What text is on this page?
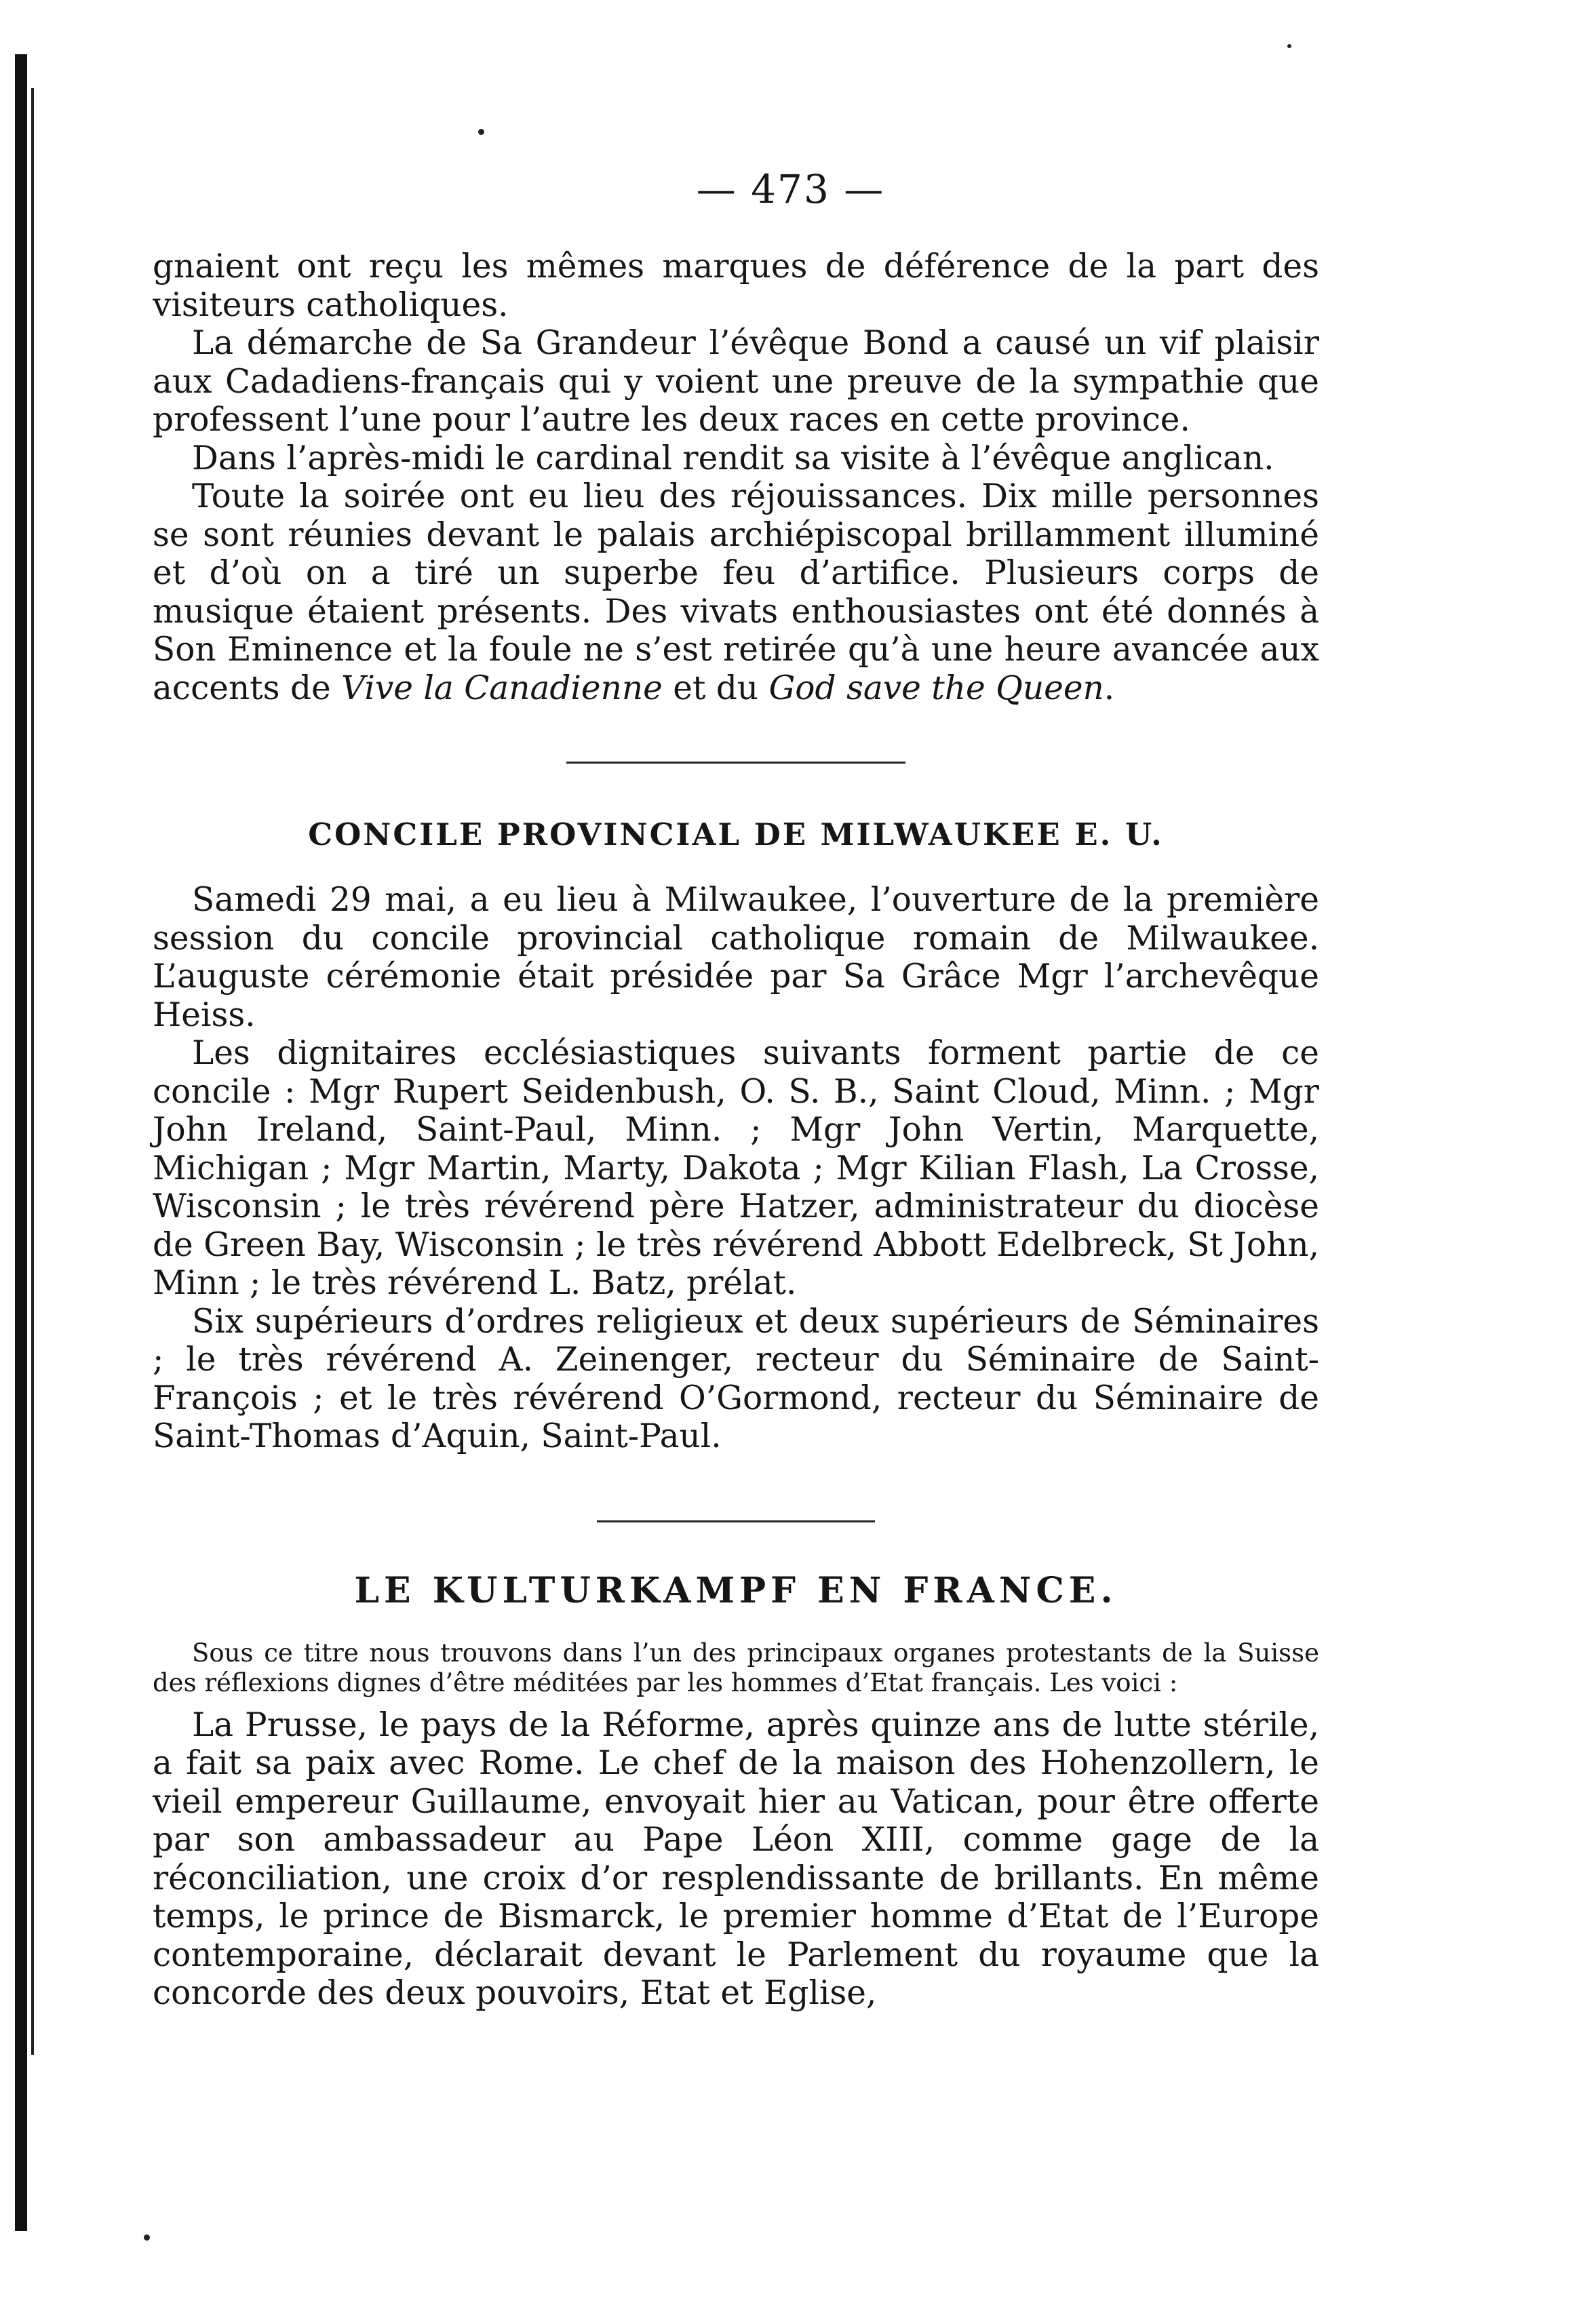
— 473 —

gnaient ont reçu les mêmes marques de déférence de la part des visiteurs catholiques.

La démarche de Sa Grandeur l’évêque Bond a causé un vif plaisir aux Cadadiens-français qui y voient une preuve de la sympathie que professent l’une pour l’autre les deux races en cette province.

Dans l’après-midi le cardinal rendit sa visite à l’évêque anglican.

Toute la soirée ont eu lieu des réjouissances. Dix mille personnes se sont réunies devant le palais archiépiscopal brillamment illuminé et d’où on a tiré un superbe feu d’artifice. Plusieurs corps de musique étaient présents. Des vivats enthousiastes ont été donnés à Son Eminence et la foule ne s’est retirée qu’à une heure avancée aux accents de Vive la Canadienne et du God save the Queen.

CONCILE PROVINCIAL DE MILWAUKEE E. U.

Samedi 29 mai, a eu lieu à Milwaukee, l’ouverture de la première session du concile provincial catholique romain de Milwaukee. L’auguste cérémonie était présidée par Sa Grâce Mgr l’archevêque Heiss.

Les dignitaires ecclésiastiques suivants forment partie de ce concile : Mgr Rupert Seidenbush, O. S. B., Saint Cloud, Minn. ; Mgr John Ireland, Saint-Paul, Minn. ; Mgr John Vertin, Marquette, Michigan ; Mgr Martin, Marty, Dakota ; Mgr Kilian Flash, La Crosse, Wisconsin ; le très révérend père Hatzer, administrateur du diocèse de Green Bay, Wisconsin ; le très révérend Abbott Edelbreck, St John, Minn ; le très révérend L. Batz, prélat.

Six supérieurs d’ordres religieux et deux supérieurs de Séminaires ; le très révérend A. Zeinenger, recteur du Séminaire de Saint-François ; et le très révérend O’Gormond, recteur du Séminaire de Saint-Thomas d’Aquin, Saint-Paul.

LE KULTURKAMPF EN FRANCE.

Sous ce titre nous trouvons dans l’un des principaux organes protestants de la Suisse des réflexions dignes d’être méditées par les hommes d’Etat français. Les voici :

La Prusse, le pays de la Réforme, après quinze ans de lutte stérile, a fait sa paix avec Rome. Le chef de la maison des Hohenzollern, le vieil empereur Guillaume, envoyait hier au Vatican, pour être offerte par son ambassadeur au Pape Léon XIII, comme gage de la réconciliation, une croix d’or resplendissante de brillants. En même temps, le prince de Bismarck, le premier homme d’Etat de l’Europe contemporaine, déclarait devant le Parlement du royaume que la concorde des deux pouvoirs, Etat et Eglise,
